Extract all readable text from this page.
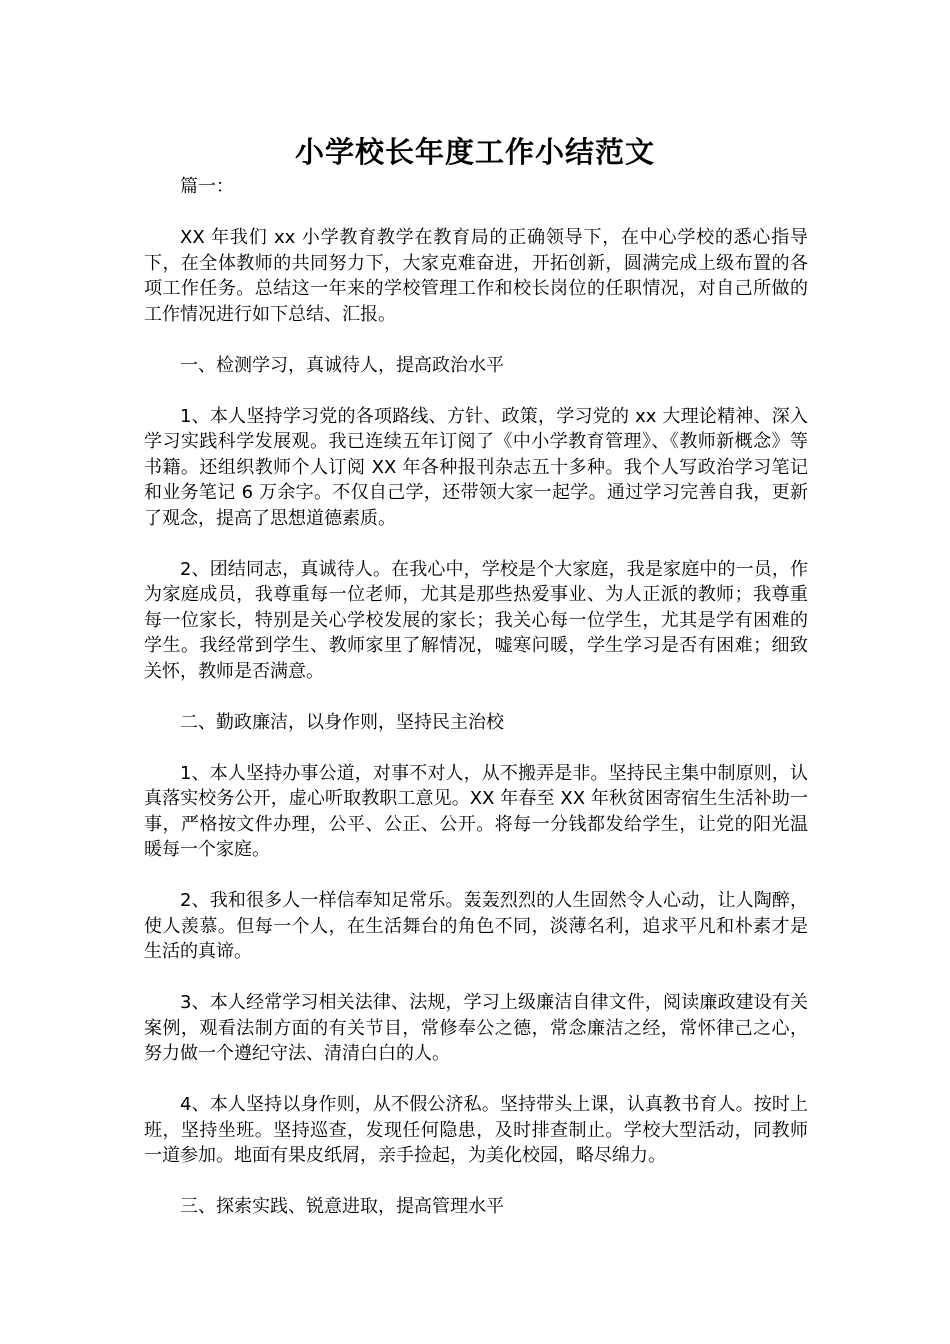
小学校长年度工作小结范文

篇一：

XX 年我们 xx 小学教育教学在教育局的正确领导下，在中心学校的悉心指导下，在全体教师的共同努力下，大家克难奋进，开拓创新，圆满完成上级布置的各项工作任务。总结这一年来的学校管理工作和校长岗位的任职情况，对自己所做的工作情况进行如下总结、汇报。

一、检测学习，真诚待人，提高政治水平

1、本人坚持学习党的各项路线、方针、政策，学习党的 xx 大理论精神、深入学习实践科学发展观。我已连续五年订阅了《中小学教育管理》、《教师新概念》等书籍。还组织教师个人订阅 XX 年各种报刊杂志五十多种。我个人写政治学习笔记和业务笔记 6 万余字。不仅自己学，还带领大家一起学。通过学习完善自我，更新了观念，提高了思想道德素质。

2、团结同志，真诚待人。在我心中，学校是个大家庭，我是家庭中的一员，作为家庭成员，我尊重每一位老师，尤其是那些热爱事业、为人正派的教师；我尊重每一位家长，特别是关心学校发展的家长；我关心每一位学生，尤其是学有困难的学生。我经常到学生、教师家里了解情况，嘘寒问暖，学生学习是否有困难；细致关怀，教师是否满意。

二、勤政廉洁，以身作则，坚持民主治校

1、本人坚持办事公道，对事不对人，从不搬弄是非。坚持民主集中制原则，认真落实校务公开，虚心听取教职工意见。XX 年春至 XX 年秋贫困寄宿生生活补助一事，严格按文件办理，公平、公正、公开。将每一分钱都发给学生，让党的阳光温暖每一个家庭。

2、我和很多人一样信奉知足常乐。轰轰烈烈的人生固然令人心动，让人陶醉，使人羡慕。但每一个人，在生活舞台的角色不同，淡薄名利，追求平凡和朴素才是生活的真谛。

3、本人经常学习相关法律、法规，学习上级廉洁自律文件，阅读廉政建设有关案例，观看法制方面的有关节目，常修奉公之德，常念廉洁之经，常怀律己之心，努力做一个遵纪守法、清清白白的人。

4、本人坚持以身作则，从不假公济私。坚持带头上课，认真教书育人。按时上班，坚持坐班。坚持巡查，发现任何隐患，及时排查制止。学校大型活动，同教师一道参加。地面有果皮纸屑，亲手捡起，为美化校园，略尽绵力。

三、探索实践、锐意进取，提高管理水平
